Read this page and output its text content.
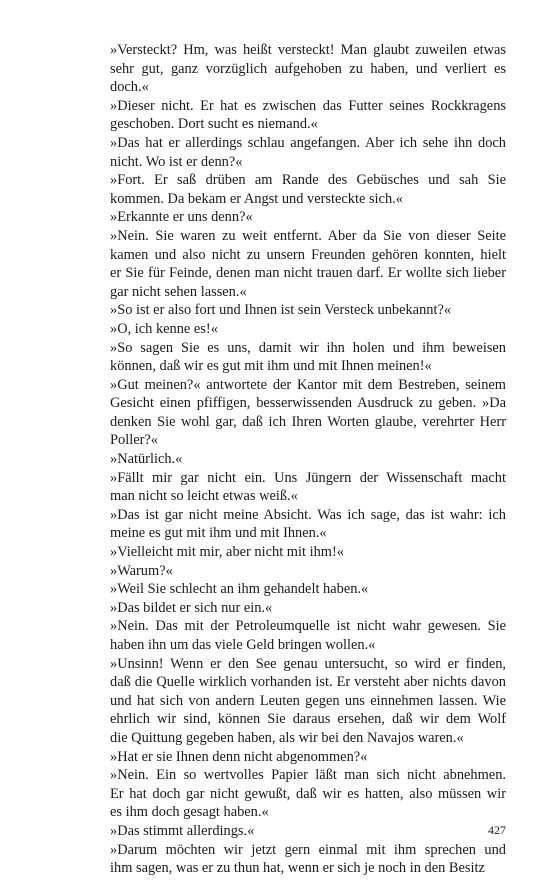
»Versteckt? Hm, was heißt versteckt! Man glaubt zuweilen etwas
sehr gut, ganz vorzüglich aufgehoben zu haben, und verliert es
doch.«
»Dieser nicht. Er hat es zwischen das Futter seines Rockkragens
geschoben. Dort sucht es niemand.«
»Das hat er allerdings schlau angefangen. Aber ich sehe ihn doch
nicht. Wo ist er denn?«
»Fort. Er saß drüben am Rande des Gebüsches und sah Sie
kommen. Da bekam er Angst und versteckte sich.«
»Erkannte er uns denn?«
»Nein. Sie waren zu weit entfernt. Aber da Sie von dieser Seite
kamen und also nicht zu unsern Freunden gehören konnten, hielt
er Sie für Feinde, denen man nicht trauen darf. Er wollte sich lieber
gar nicht sehen lassen.«
»So ist er also fort und Ihnen ist sein Versteck unbekannt?«
»O, ich kenne es!«
»So sagen Sie es uns, damit wir ihn holen und ihm beweisen
können, daß wir es gut mit ihm und mit Ihnen meinen!«
»Gut meinen?« antwortete der Kantor mit dem Bestreben, seinem
Gesicht einen pfiffigen, besserwissenden Ausdruck zu geben. »Da
denken Sie wohl gar, daß ich Ihren Worten glaube, verehrter Herr
Poller?«
»Natürlich.«
»Fällt mir gar nicht ein. Uns Jüngern der Wissenschaft macht
man nicht so leicht etwas weiß.«
»Das ist gar nicht meine Absicht. Was ich sage, das ist wahr: ich
meine es gut mit ihm und mit Ihnen.«
»Vielleicht mit mir, aber nicht mit ihm!«
»Warum?«
»Weil Sie schlecht an ihm gehandelt haben.«
»Das bildet er sich nur ein.«
»Nein. Das mit der Petroleumquelle ist nicht wahr gewesen. Sie
haben ihn um das viele Geld bringen wollen.«
»Unsinn! Wenn er den See genau untersucht, so wird er finden,
daß die Quelle wirklich vorhanden ist. Er versteht aber nichts davon
und hat sich von andern Leuten gegen uns einnehmen lassen. Wie
ehrlich wir sind, können Sie daraus ersehen, daß wir dem Wolf
die Quittung gegeben haben, als wir bei den Navajos waren.«
»Hat er sie Ihnen denn nicht abgenommen?«
»Nein. Ein so wertvolles Papier läßt man sich nicht abnehmen.
Er hat doch gar nicht gewußt, daß wir es hatten, also müssen wir
es ihm doch gesagt haben.«
»Das stimmt allerdings.«
»Darum möchten wir jetzt gern einmal mit ihm sprechen und
ihm sagen, was er zu thun hat, wenn er sich je noch in den Besitz
427
